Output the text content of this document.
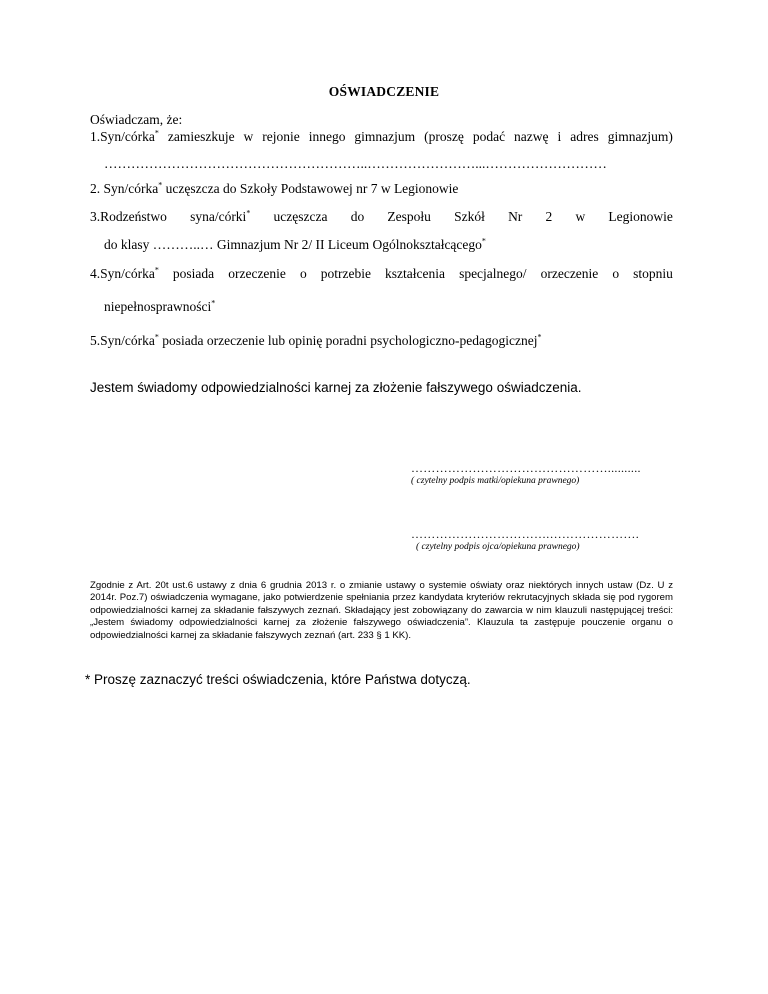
OŚWIADCZENIE
Oświadczam, że:
1.Syn/córka* zamieszkuje w rejonie innego gimnazjum (proszę podać nazwę i adres gimnazjum)
…………………………………………………..……………………...………………………
2. Syn/córka* uczęszcza do Szkoły Podstawowej nr 7 w Legionowie
3.Rodzeństwo syna/córki* uczęszcza do Zespołu Szkół Nr 2 w Legionowie
do klasy ………..… Gimnazjum Nr 2/ II Liceum Ogólnokształcącego*
4.Syn/córka* posiada orzeczenie o potrzebie kształcenia specjalnego/ orzeczenie o stopniu
niepełnosprawności*
5.Syn/córka* posiada orzeczenie lub opinię poradni psychologiczno-pedagogicznej*
Jestem świadomy odpowiedzialności karnej za złożenie fałszywego oświadczenia.
…………………………………………..........
( czytelny podpis matki/opiekuna prawnego)
…………………………….………………….
( czytelny podpis ojca/opiekuna prawnego)
Zgodnie z Art. 20t ust.6 ustawy z dnia 6 grudnia 2013 r. o zmianie ustawy o systemie oświaty oraz niektórych innych ustaw (Dz. U z 2014r. Poz.7) oświadczenia wymagane, jako potwierdzenie spełniania przez kandydata kryteriów rekrutacyjnych składa się pod rygorem odpowiedzialności karnej za składanie fałszywych zeznań. Składający jest zobowiązany do zawarcia w nim klauzuli następującej treści: „Jestem świadomy odpowiedzialności karnej za złożenie fałszywego oświadczenia”. Klauzula ta zastępuje pouczenie organu o odpowiedzialności karnej za składanie fałszywych zeznań (art. 233 § 1 KK).
* Proszę zaznaczyć treści oświadczenia, które Państwa dotyczą.
